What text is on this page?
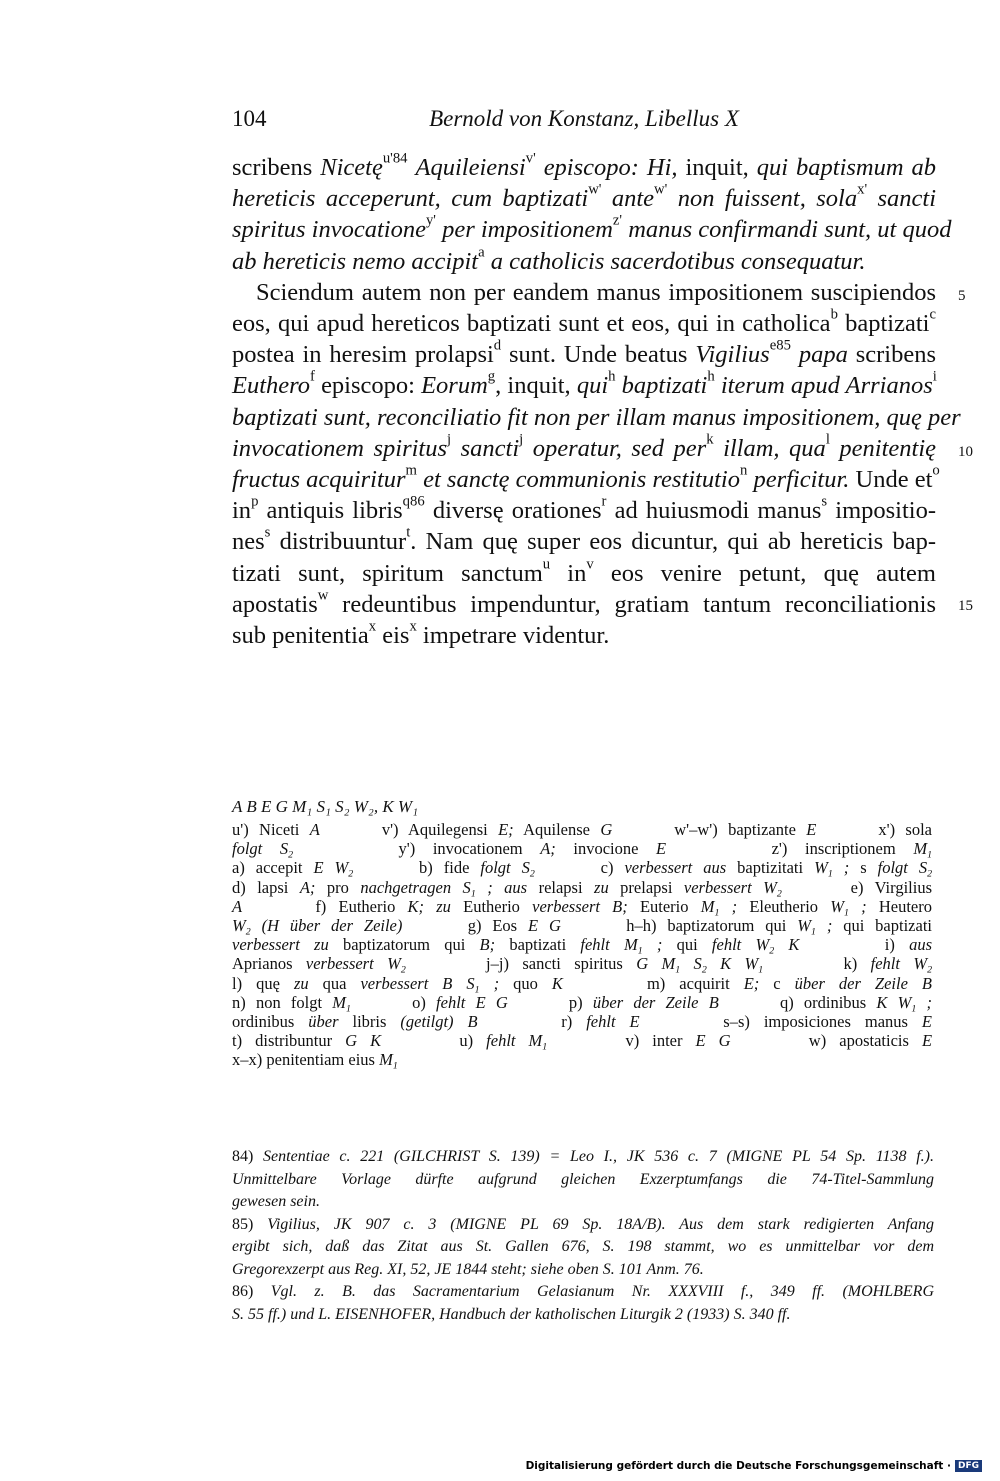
104	Bernold von Konstanz, Libellus X
scribens Nicetę$^{u'84}$ Aquileiensi$^{v'}$ episcopo: Hi, inquit, qui baptismum ab
hereticis acceperunt, cum baptizati$^{w'}$ ante$^{w'}$ non fuissent, sola$^{x'}$ sancti
spiritus invocatione$^{y'}$ per impositionem$^{z'}$ manus confirmandi sunt, ut quod
ab hereticis nemo accipit$^a$ a catholicis sacerdotibus consequatur.
Sciendum autem non per eandem manus impositionem suscipiendos
eos, qui apud hereticos baptizati sunt et eos, qui in catholica$^b$ baptizati$^c$
postea in heresim prolapsi$^d$ sunt. Unde beatus Vigilius$^{e85}$ papa scribens
Euthero$^f$ episcopo: Eorum$^g$, inquit, qui$^h$ baptizati$^h$ iterum apud Arrianos$^i$
baptizati sunt, reconciliatio fit non per illam manus impositionem, quę per
invocationem spiritus$^j$ sancti$^j$ operatur, sed per$^k$ illam, qua$^l$ penitentię
fructus acquiritur$^m$ et sanctę communionis restitutio$^n$ perficitur. Unde $et^o$
$in^p$ antiquis libris$^{q86}$ diversę orationes$^r$ ad huiusmodi manus$^s$ impositio-
nes$^s$ distribuuntur$^t$. Nam quę super eos dicuntur, qui ab hereticis bap-
tizati sunt, spiritum sanctum$^u$ $in^v$ eos venire petunt, quę autem
apostatis$^w$ redeuntibus impenduntur, gratiam tantum reconciliationis
sub penitentia$^x$ eis$^x$ impetrare videntur.
5
10
15
A B E G M₁ S₁ S₂ W₂, K W₁
u') Niceti A      v') Aquilegensi E; Aquilense G      w'–w') baptizante E      x') sola
folgt $S_2$      y') invocationem A; invocione E      z') inscriptionem $M_1$
a) accepit E $W_2$      b) fide folgt $S_2$      c) verbessert aus baptizitati $W_1$ ; s folgt $S_2$
d) lapsi A; pro nachgetragen $S_1$ ; aus relapsi zu prelapsi verbessert $W_2$      e) Virgilius
A      f) Eutherio K; zu Eutherio verbessert B; Euterio $M_1$ ; Eleutherio $W_1$ ; Heutero
$W_2$ (H über der Zeile)      g) Eos E G      h–h) baptizatorum qui $W_1$ ; qui baptizati
verbessert zu baptizatorum qui B; baptizati fehlt $M_1$ ; qui fehlt $W_2$ K      i) aus
Aprianos verbessert $W_2$      j–j) sancti spiritus G $M_1$ $S_2$ K $W_1$      k) fehlt $W_2$
l) quę zu qua verbessert B $S_1$ ; quo K      m) acquirit E; c über der Zeile B
n) non folgt $M_1$      o) fehlt E G      p) über der Zeile B      q) ordinibus K $W_1$ ;
ordinibus über libris (getilgt) B      r) fehlt E      s–s) imposiciones manus E
t) distribuntur G K      u) fehlt $M_1$      v) inter E G      w) apostaticis E
x–x) penitentiam eius $M_1$
84) Sententiae c. 221 (GILCHRIST S. 139) = Leo I., JK 536 c. 7 (MIGNE PL 54 Sp. 1138 f.).
Unmittelbare Vorlage dürfte aufgrund gleichen Exzerptumfangs die 74-Titel-Sammlung
gewesen sein.
85) Vigilius, JK 907 c. 3 (MIGNE PL 69 Sp. 18A/B). Aus dem stark redigierten Anfang
ergibt sich, daß das Zitat aus St. Gallen 676, S. 198 stammt, wo es unmittelbar vor dem
Gregorexzerpt aus Reg. XI, 52, JE 1844 steht; siehe oben S. 101 Anm. 76.
86) Vgl. z. B. das Sacramentarium Gelasianum Nr. XXXVIII f., 349 ff. (MOHLBERG
S. 55 ff.) und L. EISENHOFER, Handbuch der katholischen Liturgik 2 (1933) S. 340 ff.
Digitalisierung gefördert durch die Deutsche Forschungsgemeinschaft · DFG
